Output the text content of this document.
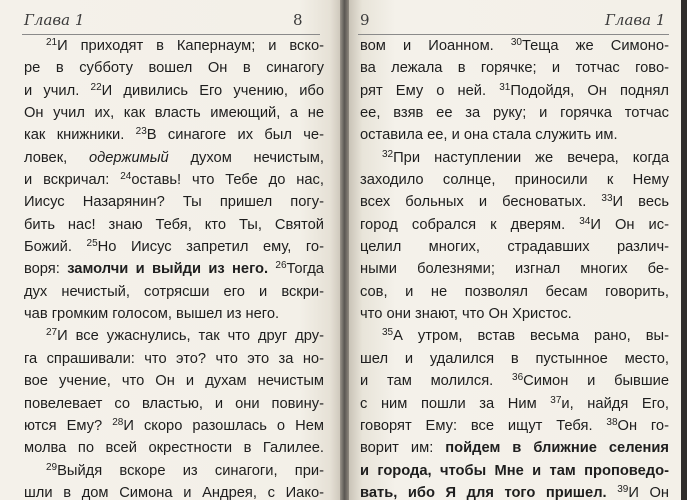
Глава 1	8
$^{21}$И приходят в Капернаум; и вско-
ре в субботу вошел Он в синагогу
и учил. $^{22}$И дивились Его учению, ибо
Он учил их, как власть имеющий, а не
как книжники. $^{23}$В синагоге их был че-
ловек, одержимый духом нечистым,
и вскричал: $^{24}$оставь! что Тебе до нас,
Иисус Назарянин? Ты пришел погу-
бить нас! знаю Тебя, кто Ты, Святой
Божий. $^{25}$Но Иисус запретил ему, го-
воря: замолчи и выйди из него. $^{26}$Тогда
дух нечистый, сотрясши его и вскри-
чав громким голосом, вышел из него.
$^{27}$И все ужаснулись, так что друг дру-
га спрашивали: что это? что это за но-
вое учение, что Он и духам нечистым
повелевает со властью, и они повину-
ются Ему? $^{28}$И скоро разошлась о Нем
молва по всей окрестности в Галилее.
$^{29}$Выйдя вскоре из синагоги, при-
шли в дом Симона и Андрея, с Иако-
9	Глава 1
вом и Иоанном. $^{30}$Теща же Симоно-
ва лежала в горячке; и тотчас гово-
рят Ему о ней. $^{31}$Подойдя, Он поднял
ее, взяв ее за руку; и горячка тотчас
оставила ее, и она стала служить им.
$^{32}$При наступлении же вечера, когда
заходило солнце, приносили к Нему
всех больных и бесноватых. $^{33}$И весь
город собрался к дверям. $^{34}$И Он ис-
целил многих, страдавших различ-
ными болезнями; изгнал многих бе-
сов, и не позволял бесам говорить,
что они знают, что Он Христос.
$^{35}$А утром, встав весьма рано, вы-
шел и удалился в пустынное место,
и там молился. $^{36}$Симон и бывшие
с ним пошли за Ним $^{37}$и, найдя Его,
говорят Ему: все ищут Тебя. $^{38}$Он го-
ворит им: пойдем в ближние селения
и города, чтобы Мне и там проповедо-
вать, ибо Я для того пришел. $^{39}$И Он
